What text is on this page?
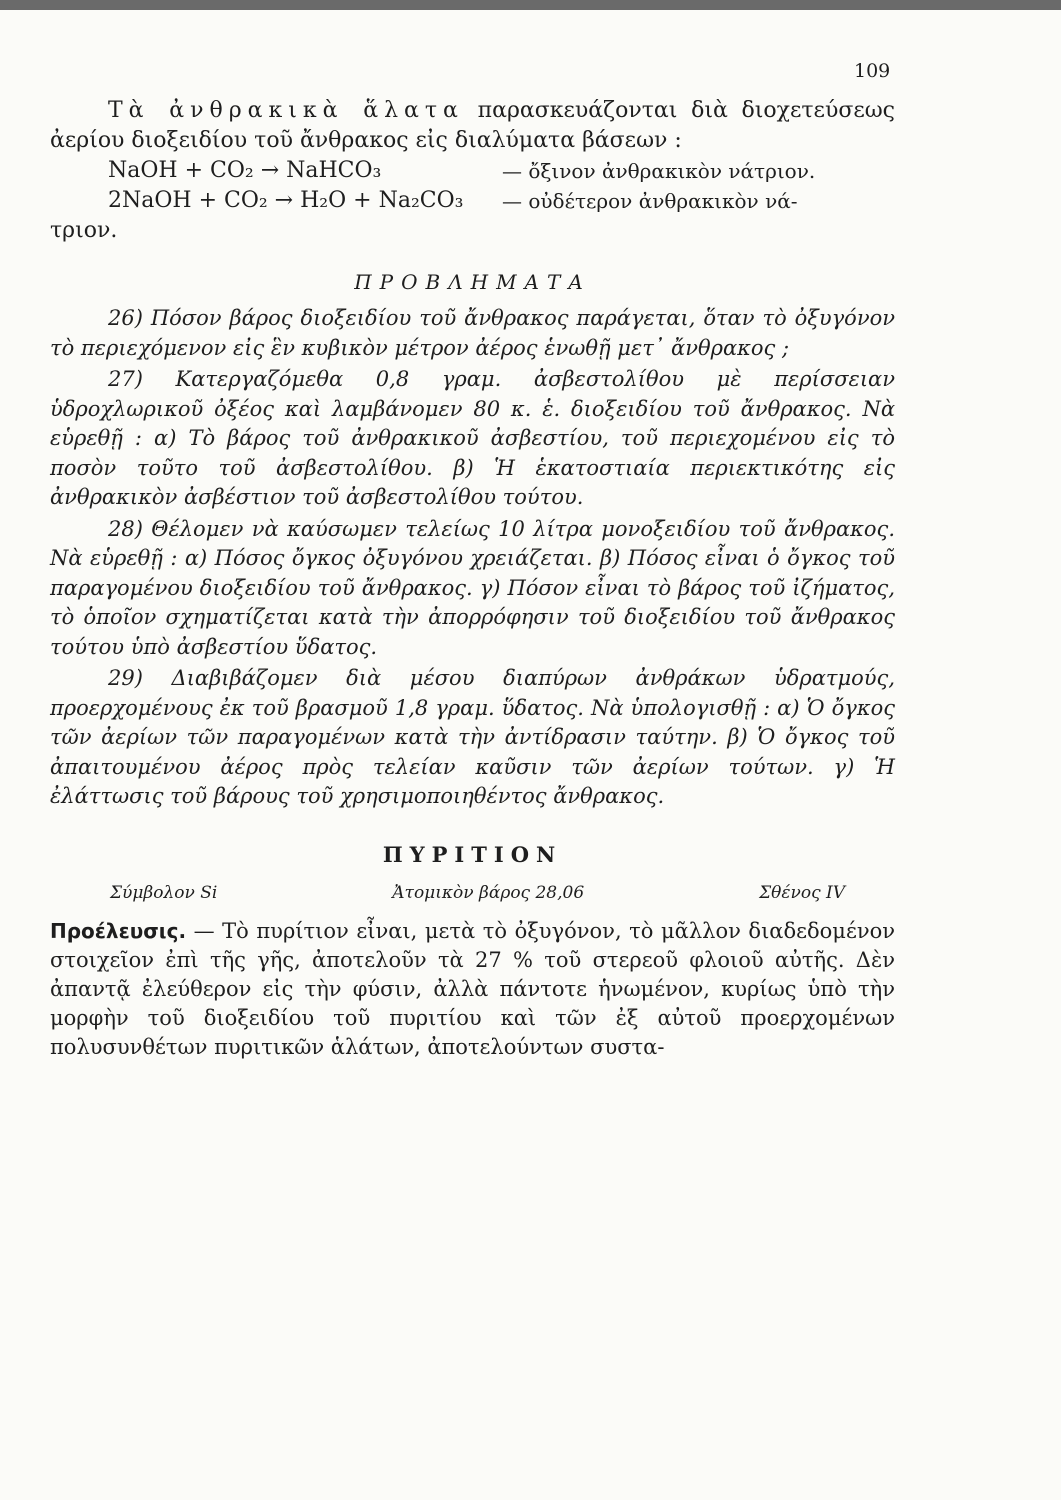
109

Τὰ ἀνθρακικὰ ἅλατα παρασκευάζονται διὰ διοχετεύσεως ἀερίου διοξειδίου τοῦ ἄνθρακος εἰς διαλύματα βάσεων :

NaOH + CO₂ → NaHCO₃	— ὄξινον ἀνθρακικὸν νάτριον.
2NaOH + CO₂ → H₂O + Na₂CO₃	— οὐδέτερον ἀνθρακικὸν νά-

τριον.

ΠΡΟΒΛΗΜΑΤΑ

26) Πόσον βάρος διοξειδίου τοῦ ἄνθρακος παράγεται, ὅταν τὸ ὀξυγόνον τὸ περιεχόμενον εἰς ἓν κυβικὸν μέτρον ἀέρος ἑνωθῇ μετ᾽ ἄνθρακος ;

27) Κατεργαζόμεθα 0,8 γραμ. ἀσβεστολίθου μὲ περίσσειαν ὑδροχλωρικοῦ ὀξέος καὶ λαμβάνομεν 80 κ. ἑ. διοξειδίου τοῦ ἄνθρακος. Νὰ εὑρεθῇ : α) Τὸ βάρος τοῦ ἀνθρακικοῦ ἀσβεστίου, τοῦ περιεχομένου εἰς τὸ ποσὸν τοῦτο τοῦ ἀσβεστολίθου. β) Ἡ ἑκατοστιαία περιεκτικότης εἰς ἀνθρακικὸν ἀσβέστιον τοῦ ἀσβεστολίθου τούτου.

28) Θέλομεν νὰ καύσωμεν τελείως 10 λίτρα μονοξειδίου τοῦ ἄνθρακος. Νὰ εὑρεθῇ : α) Πόσος ὄγκος ὀξυγόνου χρειάζεται. β) Πόσος εἶναι ὁ ὄγκος τοῦ παραγομένου διοξειδίου τοῦ ἄνθρακος. γ) Πόσον εἶναι τὸ βάρος τοῦ ἰζήματος, τὸ ὁποῖον σχηματίζεται κατὰ τὴν ἀπορρόφησιν τοῦ διοξειδίου τοῦ ἄνθρακος τούτου ὑπὸ ἀσβεστίου ὕδατος.

29) Διαβιβάζομεν διὰ μέσου διαπύρων ἀνθράκων ὑδρατμούς, προερχομένους ἐκ τοῦ βρασμοῦ 1,8 γραμ. ὕδατος. Νὰ ὑπολογισθῇ : α) Ὁ ὄγκος τῶν ἀερίων τῶν παραγομένων κατὰ τὴν ἀντίδρασιν ταύτην. β) Ὁ ὄγκος τοῦ ἀπαιτουμένου ἀέρος πρὸς τελείαν καῦσιν τῶν ἀερίων τούτων. γ) Ἡ ἐλάττωσις τοῦ βάρους τοῦ χρησιμοποιηθέντος ἄνθρακος.

ΠΥΡΙΤΙΟΝ
Σύμβολον Si	Ἀτομικὸν βάρος 28,06	Σθένος IV

Προέλευσις. — Τὸ πυρίτιον εἶναι, μετὰ τὸ ὀξυγόνον, τὸ μᾶλλον διαδεδομένον στοιχεῖον ἐπὶ τῆς γῆς, ἀποτελοῦν τὰ 27 % τοῦ στερεοῦ φλοιοῦ αὐτῆς. Δὲν ἀπαντᾷ ἐλεύθερον εἰς τὴν φύσιν, ἀλλὰ πάντοτε ἡνωμένον, κυρίως ὑπὸ τὴν μορφὴν τοῦ διοξειδίου τοῦ πυριτίου καὶ τῶν ἐξ αὐτοῦ προερχομένων πολυσυνθέτων πυριτικῶν ἁλάτων, ἀποτελούντων συστα-
